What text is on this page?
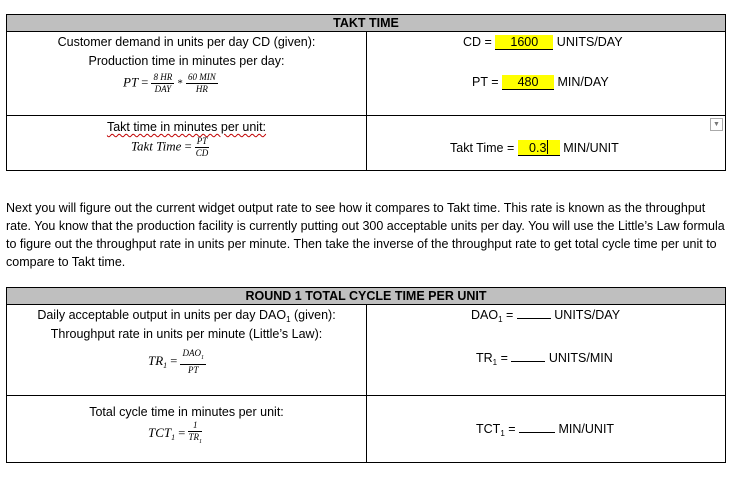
TAKT TIME
Customer demand in units per day CD (given):
Production time in minutes per day:
PT = $\frac{8 HR}{\text{DAY}} * \frac{\text{60 MIN}}{HR}$
CD = 1600 UNITS/DAY
PT = 480 MIN/DAY
Takt time in minutes per unit:
Takt Time = $\frac{PT}{CD}$	Takt Time = 0.3 MIN/UNIT
▼

Next you will figure out the current widget output rate to see how it compares to Takt time. This rate is known as the throughput rate. You know that the production facility is currently putting out 300 acceptable units per day. You will use the Little’s Law formula to figure out the throughput rate in units per minute. Then take the inverse of the throughput rate to get total cycle time per unit to compare to Takt time.

ROUND 1 TOTAL CYCLE TIME PER UNIT
Daily acceptable output in units per day $DAO_1$ (given):
Throughput rate in units per minute (Little’s Law):
$TR_1 = \frac{DAO_1}{PT}$
$DAO_1$ =	UNITS/DAY
$TR_1$ =	UNITS/MIN
Total cycle time in minutes per unit:
$TCT_1 = \frac{1}{TR_1}$	$TCT_1$ =	MIN/UNIT
